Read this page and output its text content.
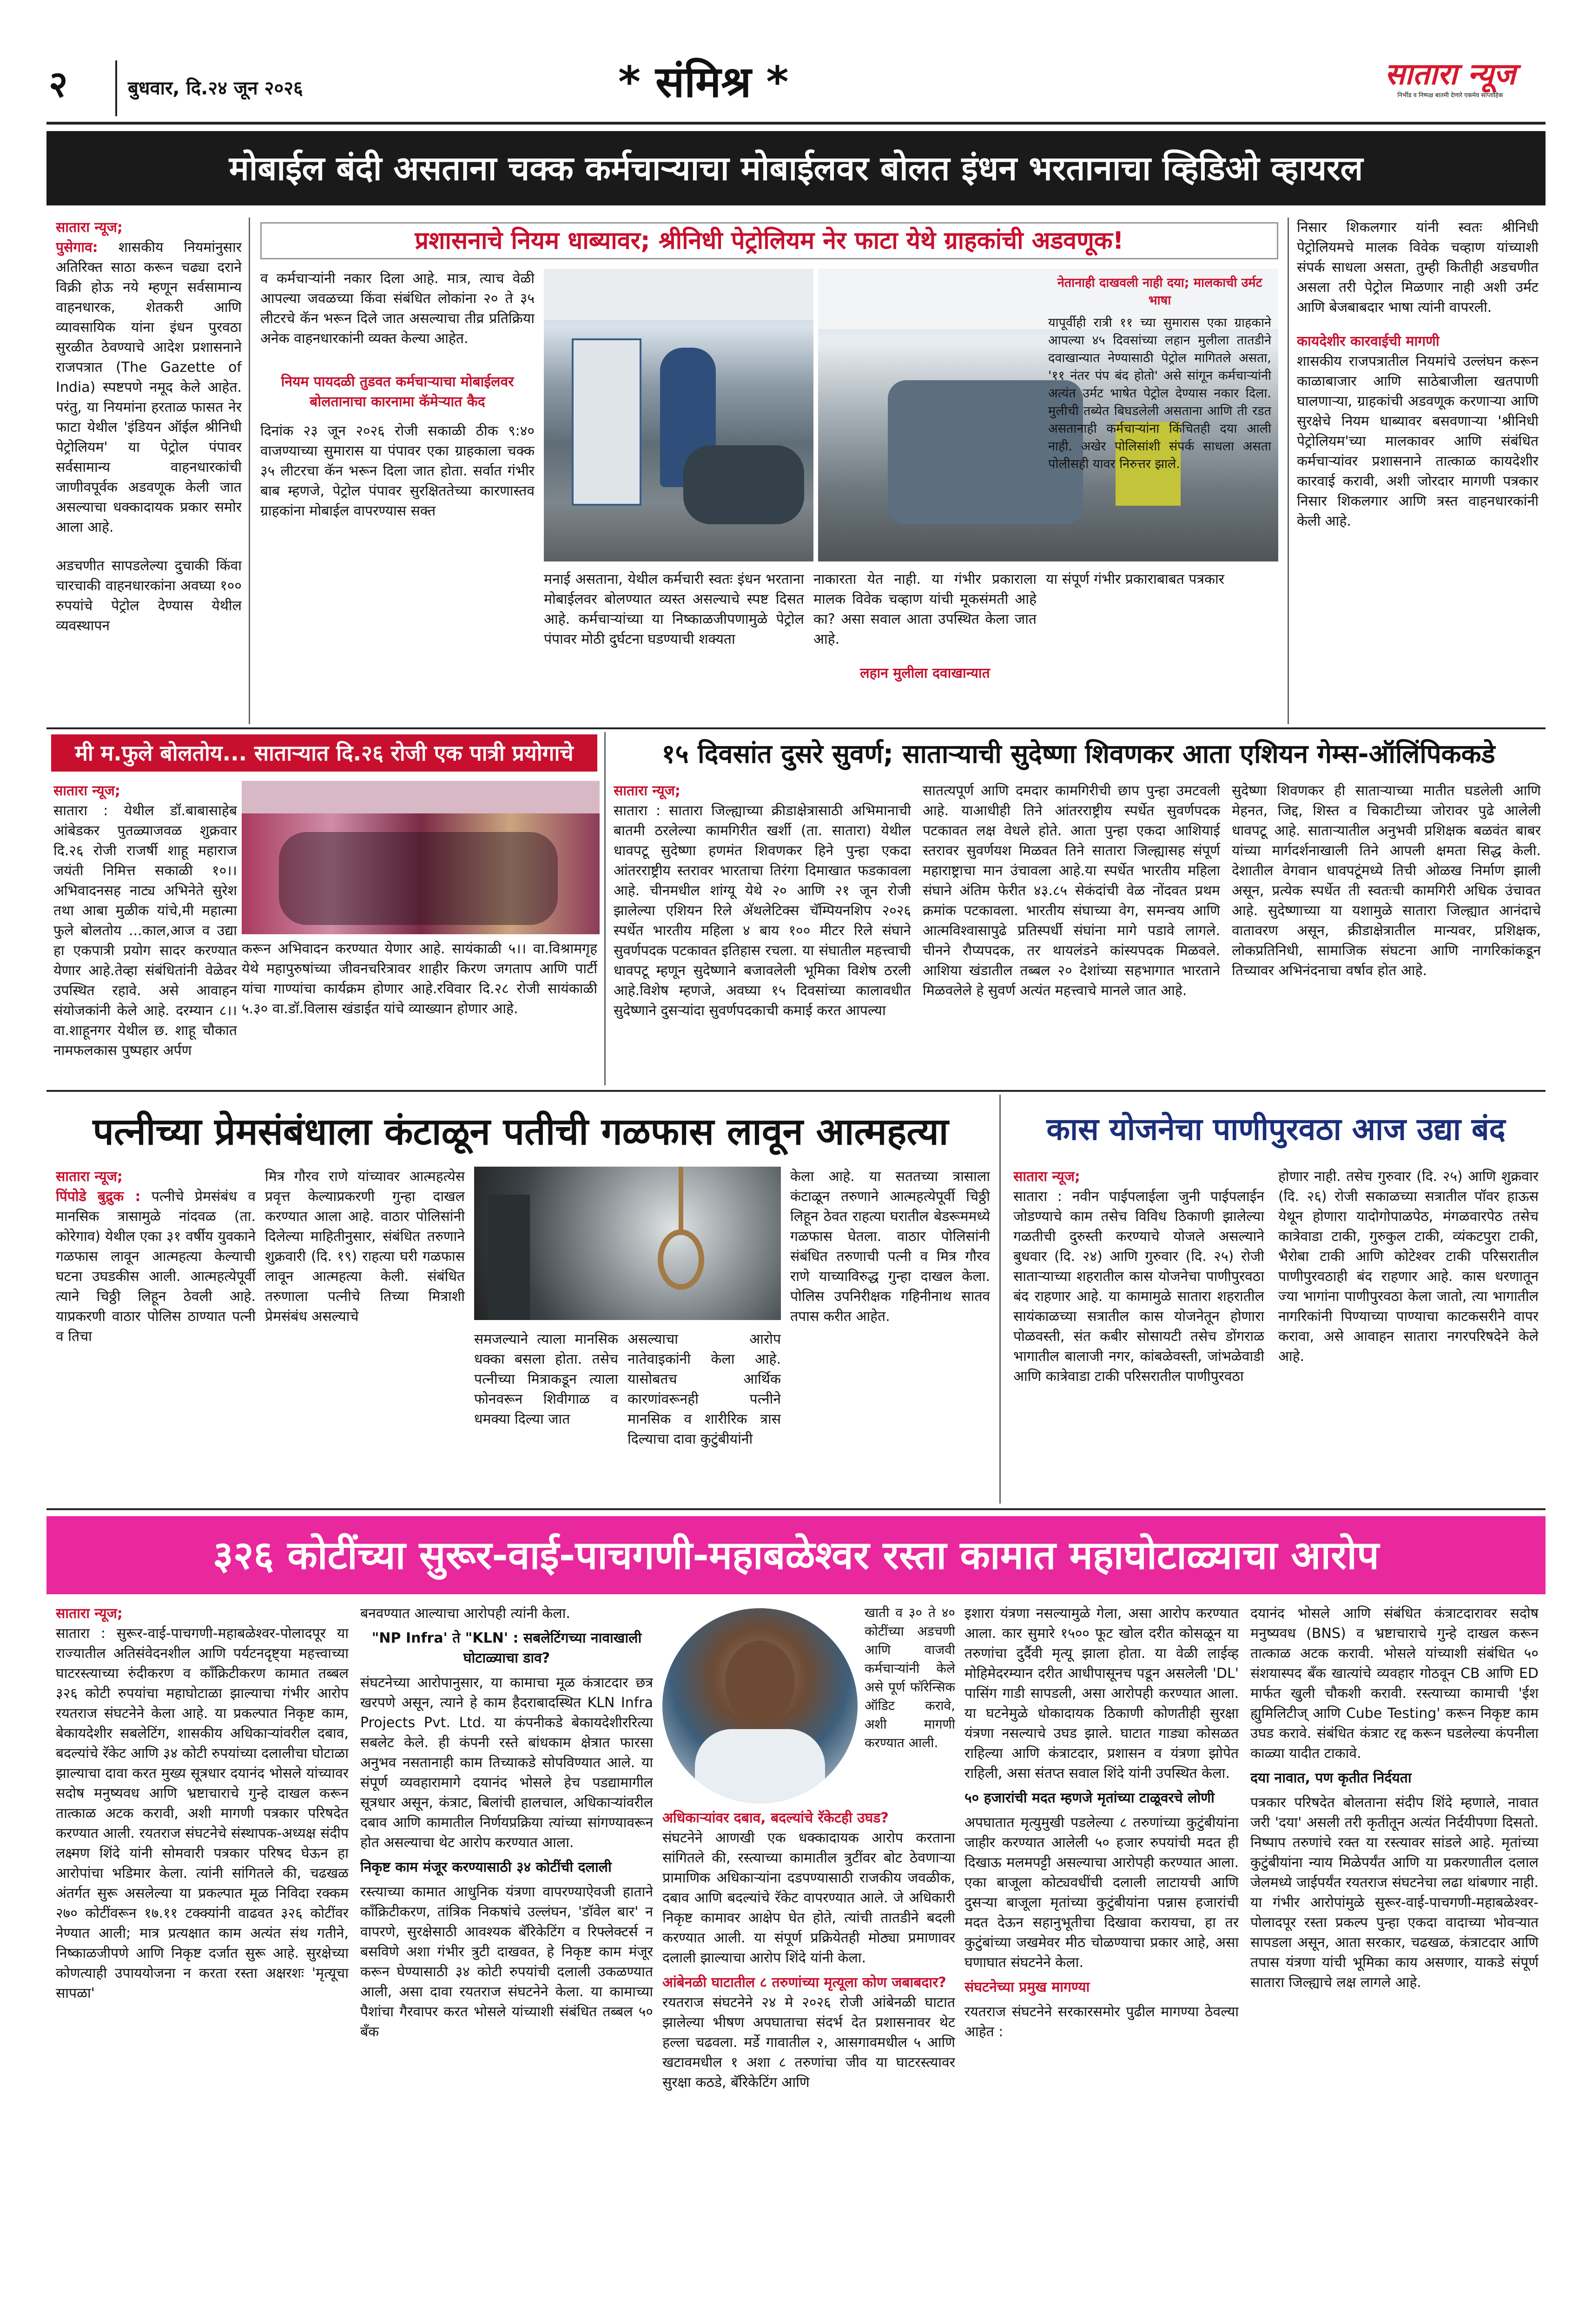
२	बुधवार, दि.२४ जून २०२६	* संमिश्र *	सातारा न्यूज
निर्भीड व निष्पक्ष बातमी देणारे एकमेव साप्ताहिक
मोबाईल बंदी असताना चक्क कर्मचाऱ्याचा मोबाईलवर बोलत इंधन भरतानाचा व्हिडिओ व्हायरल

सातारा न्यूज;

पुसेगाव: शासकीय नियमांनुसार अतिरिक्त साठा करून चढ्या दराने विक्री होऊ नये म्हणून सर्वसामान्य वाहनधारक, शेतकरी आणि व्यावसायिक यांना इंधन पुरवठा सुरळीत ठेवण्याचे आदेश प्रशासनाने राजपत्रात (The Gazette of India) स्पष्टपणे नमूद केले आहेत. परंतु, या नियमांना हरताळ फासत नेर फाटा येथील 'इंडियन ऑईल श्रीनिधी पेट्रोलियम' या पेट्रोल पंपावर सर्वसामान्य वाहनधारकांची जाणीवपूर्वक अडवणूक केली जात असल्याचा धक्कादायक प्रकार समोर आला आहे.

अडचणीत सापडलेल्या दुचाकी किंवा चारचाकी वाहनधारकांना अवघ्या १०० रुपयांचे पेट्रोल देण्यास येथील व्यवस्थापन

प्रशासनाचे नियम धाब्यावर; श्रीनिधी पेट्रोलियम नेर फाटा येथे ग्राहकांची अडवणूक!

व कर्मचाऱ्यांनी नकार दिला आहे. मात्र, त्याच वेळी आपल्या जवळच्या किंवा संबंधित लोकांना २० ते ३५ लीटरचे कॅन भरून दिले जात असल्याचा तीव्र प्रतिक्रिया अनेक वाहनधारकांनी व्यक्त केल्या आहेत.

नियम पायदळी तुडवत कर्मचाऱ्याचा मोबाईलवर बोलतानाचा कारनामा कॅमेऱ्यात कैद

दिनांक २३ जून २०२६ रोजी सकाळी ठीक ९:४० वाजण्याच्या सुमारास या पंपावर एका ग्राहकाला चक्क ३५ लीटरचा कॅन भरून दिला जात होता. सर्वात गंभीर बाब म्हणजे, पेट्रोल पंपावर सुरक्षिततेच्या कारणास्तव ग्राहकांना मोबाईल वापरण्यास सक्त

मनाई असताना, येथील कर्मचारी स्वतः इंधन भरताना मोबाईलवर बोलण्यात व्यस्त असल्याचे स्पष्ट दिसत आहे. कर्मचाऱ्यांच्या या निष्काळजीपणामुळे पेट्रोल पंपावर मोठी दुर्घटना घडण्याची शक्यता

नाकारता येत नाही. या गंभीर प्रकाराला मालक विवेक चव्हाण यांची मूकसंमती आहे का? असा सवाल आता उपस्थित केला जात आहे.

लहान मुलीला दवाखान्यात

या संपूर्ण गंभीर प्रकाराबाबत पत्रकार

नेतानाही दाखवली नाही दया; मालकाची उर्मट भाषा

यापूर्वीही रात्री ११ च्या सुमारास एका ग्राहकाने आपल्या ४५ दिवसांच्या लहान मुलीला तातडीने दवाखान्यात नेण्यासाठी पेट्रोल मागितले असता, '११ नंतर पंप बंद होतो' असे सांगून कर्मचाऱ्यांनी अत्यंत उर्मट भाषेत पेट्रोल देण्यास नकार दिला. मुलीची तब्येत बिघडलेली असताना आणि ती रडत असतानाही कर्मचाऱ्यांना किंचितही दया आली नाही. अखेर पोलिसांशी संपर्क साधला असता पोलीसही यावर निरुत्तर झाले.

निसार शिकलगार यांनी स्वतः श्रीनिधी पेट्रोलियमचे मालक विवेक चव्हाण यांच्याशी संपर्क साधला असता, तुम्ही कितीही अडचणीत असला तरी पेट्रोल मिळणार नाही अशी उर्मट आणि बेजबाबदार भाषा त्यांनी वापरली.

कायदेशीर कारवाईची मागणी

शासकीय राजपत्रातील नियमांचे उल्लंघन करून काळाबाजार आणि साठेबाजीला खतपाणी घालणाऱ्या, ग्राहकांची अडवणूक करणाऱ्या आणि सुरक्षेचे नियम धाब्यावर बसवणाऱ्या 'श्रीनिधी पेट्रोलियम'च्या मालकावर आणि संबंधित कर्मचाऱ्यांवर प्रशासनाने तात्काळ कायदेशीर कारवाई करावी, अशी जोरदार मागणी पत्रकार निसार शिकलगार आणि त्रस्त वाहनधारकांनी केली आहे.

मी म.फुले बोलतोय... साताऱ्यात दि.२६ रोजी एक पात्री प्रयोगाचे

सातारा न्यूज;

सातारा : येथील डॉ.बाबासाहेब आंबेडकर पुतळ्याजवळ शुक्रवार दि.२६ रोजी राजर्षी शाहू महाराज जयंती निमित्त सकाळी १०।। अभिवादनसह नाट्य अभिनेते सुरेश तथा आबा मुळीक यांचे,मी महात्मा फुले बोलतोय ...काल,आज व उद्या हा एकपात्री प्रयोग सादर करण्यात येणार आहे.तेव्हा संबंधितांनी वेळेवर उपस्थित रहावे. असे आवाहन संयोजकांनी केले आहे. दरम्यान ८।। वा.शाहूनगर येथील छ. शाहू चौकात नामफलकास पुष्पहार अर्पण

करून अभिवादन करण्यात येणार आहे. सायंकाळी ५।। वा.विश्रामगृह येथे महापुरुषांच्या जीवनचरित्रावर शाहीर किरण जगताप आणि पार्टी यांचा गाण्यांचा कार्यक्रम होणार आहे.रविवार दि.२८ रोजी सायंकाळी ५.३० वा.डॉ.विलास खंडाईत यांचे व्याख्यान होणार आहे.

१५ दिवसांत दुसरे सुवर्ण; साताऱ्याची सुदेष्णा शिवणकर आता एशियन गेम्स-ऑलिंपिककडे

सातारा न्यूज;

सातारा : सातारा जिल्ह्याच्या क्रीडाक्षेत्रासाठी अभिमानाची बातमी ठरलेल्या कामगिरीत खर्शी (ता. सातारा) येथील धावपटू सुदेष्णा हणमंत शिवणकर हिने पुन्हा एकदा आंतरराष्ट्रीय स्तरावर भारताचा तिरंगा दिमाखात फडकावला आहे. चीनमधील शांग्यू येथे २० आणि २१ जून रोजी झालेल्या एशियन रिले अ‍ॅथलेटिक्स चॅम्पियनशिप २०२६ स्पर्धेत भारतीय महिला ४ बाय १०० मीटर रिले संघाने सुवर्णपदक पटकावत इतिहास रचला. या संघातील महत्त्वाची धावपटू म्हणून सुदेष्णाने बजावलेली भूमिका विशेष ठरली आहे.विशेष म्हणजे, अवघ्या १५ दिवसांच्या कालावधीत सुदेष्णाने दुसऱ्यांदा सुवर्णपदकाची कमाई करत आपल्या

सातत्यपूर्ण आणि दमदार कामगिरीची छाप पुन्हा उमटवली आहे. याआधीही तिने आंतरराष्ट्रीय स्पर्धेत सुवर्णपदक पटकावत लक्ष वेधले होते. आता पुन्हा एकदा आशियाई स्तरावर सुवर्णयश मिळवत तिने सातारा जिल्ह्यासह संपूर्ण महाराष्ट्राचा मान उंचावला आहे.या स्पर्धेत भारतीय महिला संघाने अंतिम फेरीत ४३.८५ सेकंदांची वेळ नोंदवत प्रथम क्रमांक पटकावला. भारतीय संघाच्या वेग, समन्वय आणि आत्मविश्वासापुढे प्रतिस्पर्धी संघांना मागे पडावे लागले. चीनने रौप्यपदक, तर थायलंडने कांस्यपदक मिळवले. आशिया खंडातील तब्बल २० देशांच्या सहभागात भारताने मिळवलेले हे सुवर्ण अत्यंत महत्त्वाचे मानले जात आहे.

सुदेष्णा शिवणकर ही साताऱ्याच्या मातीत घडलेली आणि मेहनत, जिद्द, शिस्त व चिकाटीच्या जोरावर पुढे आलेली धावपटू आहे. साताऱ्यातील अनुभवी प्रशिक्षक बळवंत बाबर यांच्या मार्गदर्शनाखाली तिने आपली क्षमता सिद्ध केली. देशातील वेगवान धावपटूंमध्ये तिची ओळख निर्माण झाली असून, प्रत्येक स्पर्धेत ती स्वतःची कामगिरी अधिक उंचावत आहे. सुदेष्णाच्या या यशामुळे सातारा जिल्ह्यात आनंदाचे वातावरण असून, क्रीडाक्षेत्रातील मान्यवर, प्रशिक्षक, लोकप्रतिनिधी, सामाजिक संघटना आणि नागरिकांकडून तिच्यावर अभिनंदनाचा वर्षाव होत आहे.

पत्नीच्या प्रेमसंबंधाला कंटाळून पतीची गळफास लावून आत्महत्या

सातारा न्यूज;

पिंपोडे बुद्रुक : पत्नीचे प्रेमसंबंध व मानसिक त्रासामुळे नांदवळ (ता. कोरेगाव) येथील एका ३१ वर्षीय युवकाने गळफास लावून आत्महत्या केल्याची घटना उघडकीस आली. आत्महत्येपूर्वी त्याने चिठ्ठी लिहून ठेवली आहे. याप्रकरणी वाठार पोलिस ठाण्यात पत्नी व तिचा

मित्र गौरव राणे यांच्यावर आत्महत्येस प्रवृत्त केल्याप्रकरणी गुन्हा दाखल करण्यात आला आहे. वाठार पोलिसांनी दिलेल्या माहितीनुसार, संबंधित तरुणाने शुक्रवारी (दि. १९) राहत्या घरी गळफास लावून आत्महत्या केली. संबंधित तरुणाला पत्नीचे तिच्या मित्राशी प्रेमसंबंध असल्याचे

समजल्याने त्याला मानसिक धक्का बसला होता. तसेच पत्नीच्या मित्राकडून त्याला फोनवरून शिवीगाळ व धमक्या दिल्या जात

असल्याचा आरोप नातेवाइकांनी केला आहे. यासोबतच आर्थिक कारणांवरूनही पत्नीने मानसिक व शारीरिक त्रास दिल्याचा दावा कुटुंबीयांनी

केला आहे. या सततच्या त्रासाला कंटाळून तरुणाने आत्महत्येपूर्वी चिठ्ठी लिहून ठेवत राहत्या घरातील बेडरूममध्ये गळफास घेतला. वाठार पोलिसांनी संबंधित तरुणाची पत्नी व मित्र गौरव राणे याच्याविरुद्ध गुन्हा दाखल केला. पोलिस उपनिरीक्षक गहिनीनाथ सातव तपास करीत आहेत.

कास योजनेचा पाणीपुरवठा आज उद्या बंद

सातारा न्यूज;

सातारा : नवीन पाईपलाईला जुनी पाईपलाईन जोडण्याचे काम तसेच विविध ठिकाणी झालेल्या गळतीची दुरुस्ती करण्याचे योजले असल्याने बुधवार (दि. २४) आणि गुरुवार (दि. २५) रोजी साताऱ्याच्या शहरातील कास योजनेचा पाणीपुरवठा बंद राहणार आहे. या कामामुळे सातारा शहरातील सायंकाळच्या सत्रातील कास योजनेतून होणारा पोळवस्ती, संत कबीर सोसायटी तसेच डोंगराळ भागातील बालाजी नगर, कांबळेवस्ती, जांभळेवाडी आणि कात्रेवाडा टाकी परिसरातील पाणीपुरवठा

होणार नाही. तसेच गुरुवार (दि. २५) आणि शुक्रवार (दि. २६) रोजी सकाळच्या सत्रातील पॉवर हाऊस येथून होणारा यादोगोपाळपेठ, मंगळवारपेठ तसेच कात्रेवाडा टाकी, गुरुकुल टाकी, व्यंकटपुरा टाकी, भैरोबा टाकी आणि कोटेश्वर टाकी परिसरातील पाणीपुरवठाही बंद राहणार आहे. कास धरणातून ज्या भागांना पाणीपुरवठा केला जातो, त्या भागातील नागरिकांनी पिण्याच्या पाण्याचा काटकसरीने वापर करावा, असे आवाहन सातारा नगरपरिषदेने केले आहे.

३२६ कोटींच्या सुरूर-वाई-पाचगणी-महाबळेश्वर रस्ता कामात महाघोटाळ्याचा आरोप

सातारा न्यूज;

सातारा : सुरूर-वाई-पाचगणी-महाबळेश्वर-पोलादपूर या राज्यातील अतिसंवेदनशील आणि पर्यटनदृष्ट्या महत्त्वाच्या घाटरस्त्याच्या रुंदीकरण व काँक्रिटीकरण कामात तब्बल ३२६ कोटी रुपयांचा महाघोटाळा झाल्याचा गंभीर आरोप रयतराज संघटनेने केला आहे. या प्रकल्पात निकृष्ट काम, बेकायदेशीर सबलेटिंग, शासकीय अधिकाऱ्यांवरील दबाव, बदल्यांचे रॅकेट आणि ३४ कोटी रुपयांच्या दलालीचा घोटाळा झाल्याचा दावा करत मुख्य सूत्रधार दयानंद भोसले यांच्यावर सदोष मनुष्यवध आणि भ्रष्टाचाराचे गुन्हे दाखल करून तात्काळ अटक करावी, अशी मागणी पत्रकार परिषदेत करण्यात आली. रयतराज संघटनेचे संस्थापक-अध्यक्ष संदीप लक्ष्मण शिंदे यांनी सोमवारी पत्रकार परिषद घेऊन हा आरोपांचा भडिमार केला. त्यांनी सांगितले की, चढखळ अंतर्गत सुरू असलेल्या या प्रकल्पात मूळ निविदा रक्कम २७० कोटींवरून १७.११ टक्क्यांनी वाढवत ३२६ कोटींवर नेण्यात आली; मात्र प्रत्यक्षात काम अत्यंत संथ गतीने, निष्काळजीपणे आणि निकृष्ट दर्जात सुरू आहे. सुरक्षेच्या कोणत्याही उपाययोजना न करता रस्ता अक्षरशः 'मृत्यूचा सापळा'

बनवण्यात आल्याचा आरोपही त्यांनी केला.

"NP Infra' ते "KLN' : सबलेटिंगच्या नावाखाली घोटाळ्याचा डाव?

संघटनेच्या आरोपानुसार, या कामाचा मूळ कंत्राटदार छत्र खरपणे असून, त्याने हे काम हैदराबादस्थित KLN Infra Projects Pvt. Ltd. या कंपनीकडे बेकायदेशीररित्या सबलेट केले. ही कंपनी रस्ते बांधकाम क्षेत्रात फारसा अनुभव नसतानाही काम तिच्याकडे सोपविण्यात आले. या संपूर्ण व्यवहारामागे दयानंद भोसले हेच पडद्यामागील सूत्रधार असून, कंत्राट, बिलांची हालचाल, अधिकाऱ्यांवरील दबाव आणि कामातील निर्णयप्रक्रिया त्यांच्या सांगण्यावरून होत असल्याचा थेट आरोप करण्यात आला.

निकृष्ट काम मंजूर करण्यासाठी ३४ कोटींची दलाली

रस्त्याच्या कामात आधुनिक यंत्रणा वापरण्याऐवजी हाताने काँक्रिटीकरण, तांत्रिक निकषांचे उल्लंघन, 'डॉवेल बार' न वापरणे, सुरक्षेसाठी आवश्यक बॅरिकेटिंग व रिफ्लेक्टर्स न बसविणे अशा गंभीर त्रुटी दाखवत, हे निकृष्ट काम मंजूर करून घेण्यासाठी ३४ कोटी रुपयांची दलाली उकळण्यात आली, असा दावा रयतराज संघटनेने केला. या कामाच्या पैशांचा गैरवापर करत भोसले यांच्याशी संबंधित तब्बल ५० बँक

अधिकाऱ्यांवर दबाव, बदल्यांचे रॅकेटही उघड?

संघटनेने आणखी एक धक्कादायक आरोप करताना सांगितले की, रस्त्याच्या कामातील त्रुटींवर बोट ठेवणाऱ्या प्रामाणिक अधिकाऱ्यांना दडपण्यासाठी राजकीय जवळीक, दबाव आणि बदल्यांचे रॅकेट वापरण्यात आले. जे अधिकारी निकृष्ट कामावर आक्षेप घेत होते, त्यांची तातडीने बदली करण्यात आली. या संपूर्ण प्रक्रियेतही मोठ्या प्रमाणावर दलाली झाल्याचा आरोप शिंदे यांनी केला.

आंबेनळी घाटातील ८ तरुणांच्या मृत्यूला कोण जबाबदार?

रयतराज संघटनेने २४ मे २०२६ रोजी आंबेनळी घाटात झालेल्या भीषण अपघाताचा संदर्भ देत प्रशासनावर थेट हल्ला चढवला. मर्डे गावातील २, आसगावमधील ५ आणि खटावमधील १ अशा ८ तरुणांचा जीव या घाटरस्त्यावर सुरक्षा कठडे, बॅरिकेटिंग आणि

खाती व ३० ते ४० कोटींच्या अडचणी आणि वाजवी कर्मचाऱ्यांनी केले असे पूर्ण फॉरेन्सिक ऑडिट करावे, अशी मागणी करण्यात आली.

इशारा यंत्रणा नसल्यामुळे गेला, असा आरोप करण्यात आला. कार सुमारे १५०० फूट खोल दरीत कोसळून या तरुणांचा दुर्दैवी मृत्यू झाला होता. या वेळी लाईव्ह मोहिमेदरम्यान दरीत आधीपासूनच पडून असलेली 'DL' पासिंग गाडी सापडली, असा आरोपही करण्यात आला. या घटनेमुळे धोकादायक ठिकाणी कोणतीही सुरक्षा यंत्रणा नसल्याचे उघड झाले. घाटात गाड्या कोसळत राहिल्या आणि कंत्राटदार, प्रशासन व यंत्रणा झोपेत राहिली, असा संतप्त सवाल शिंदे यांनी उपस्थित केला.

५० हजारांची मदत म्हणजे मृतांच्या टाळूवरचे लोणी

अपघातात मृत्युमुखी पडलेल्या ८ तरुणांच्या कुटुंबीयांना जाहीर करण्यात आलेली ५० हजार रुपयांची मदत ही दिखाऊ मलमपट्टी असल्याचा आरोपही करण्यात आला. एका बाजूला कोट्यवधींची दलाली लाटायची आणि दुसऱ्या बाजूला मृतांच्या कुटुंबीयांना पन्नास हजारांची मदत देऊन सहानुभूतीचा दिखावा करायचा, हा तर कुटुंबांच्या जखमेवर मीठ चोळण्याचा प्रकार आहे, असा घणाघात संघटनेने केला.

संघटनेच्या प्रमुख मागण्या

रयतराज संघटनेने सरकारसमोर पुढील मागण्या ठेवल्या आहेत :

दयानंद भोसले आणि संबंधित कंत्राटदारावर सदोष मनुष्यवध (BNS) व भ्रष्टाचाराचे गुन्हे दाखल करून तात्काळ अटक करावी. भोसले यांच्याशी संबंधित ५० संशयास्पद बँक खात्यांचे व्यवहार गोठवून CB आणि ED मार्फत खुली चौकशी करावी. रस्त्याच्या कामाची 'ईश ह्युमिलिटीज् आणि Cube Testing' करून निकृष्ट काम उघड करावे. संबंधित कंत्राट रद्द करून घडलेल्या कंपनीला काळ्या यादीत टाकावे.

दया नावात, पण कृतीत निर्दयता

पत्रकार परिषदेत बोलताना संदीप शिंदे म्हणाले, नावात जरी 'दया' असली तरी कृतीतून अत्यंत निर्दयीपणा दिसतो. निष्पाप तरुणांचे रक्त या रस्त्यावर सांडले आहे. मृतांच्या कुटुंबीयांना न्याय मिळेपर्यंत आणि या प्रकरणातील दलाल जेलमध्ये जाईपर्यंत रयतराज संघटनेचा लढा थांबणार नाही. या गंभीर आरोपांमुळे सुरूर-वाई-पाचगणी-महाबळेश्वर-पोलादपूर रस्ता प्रकल्प पुन्हा एकदा वादाच्या भोवऱ्यात सापडला असून, आता सरकार, चढखळ, कंत्राटदार आणि तपास यंत्रणा यांची भूमिका काय असणार, याकडे संपूर्ण सातारा जिल्ह्याचे लक्ष लागले आहे.
